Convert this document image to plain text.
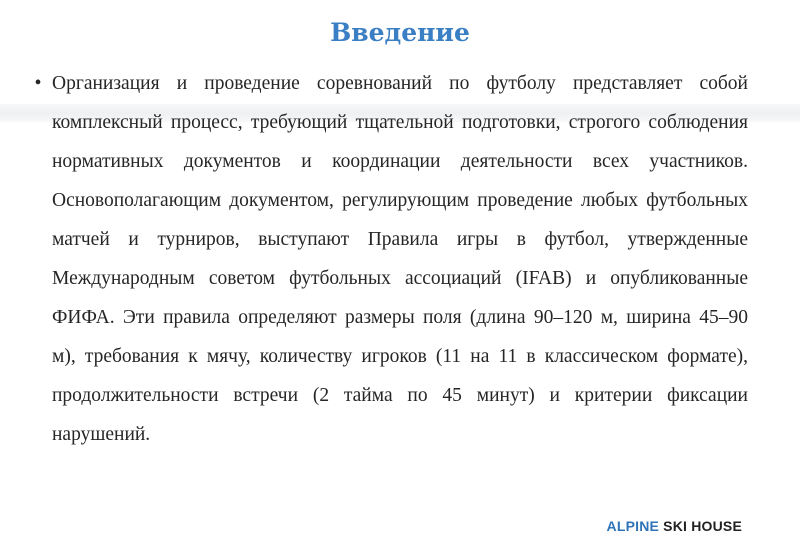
Введение
• Организация и проведение соревнований по футболу представляет собой комплексный процесс, требующий тщательной подготовки, строгого соблюдения нормативных документов и координации деятельности всех участников. Основополагающим документом, регулирующим проведение любых футбольных матчей и турниров, выступают Правила игры в футбол, утвержденные Международным советом футбольных ассоциаций (IFAB) и опубликованные ФИФА. Эти правила определяют размеры поля (длина 90–120 м, ширина 45–90 м), требования к мячу, количеству игроков (11 на 11 в классическом формате), продолжительности встречи (2 тайма по 45 минут) и критерии фиксации нарушений.

ALPINE SKI HOUSE
